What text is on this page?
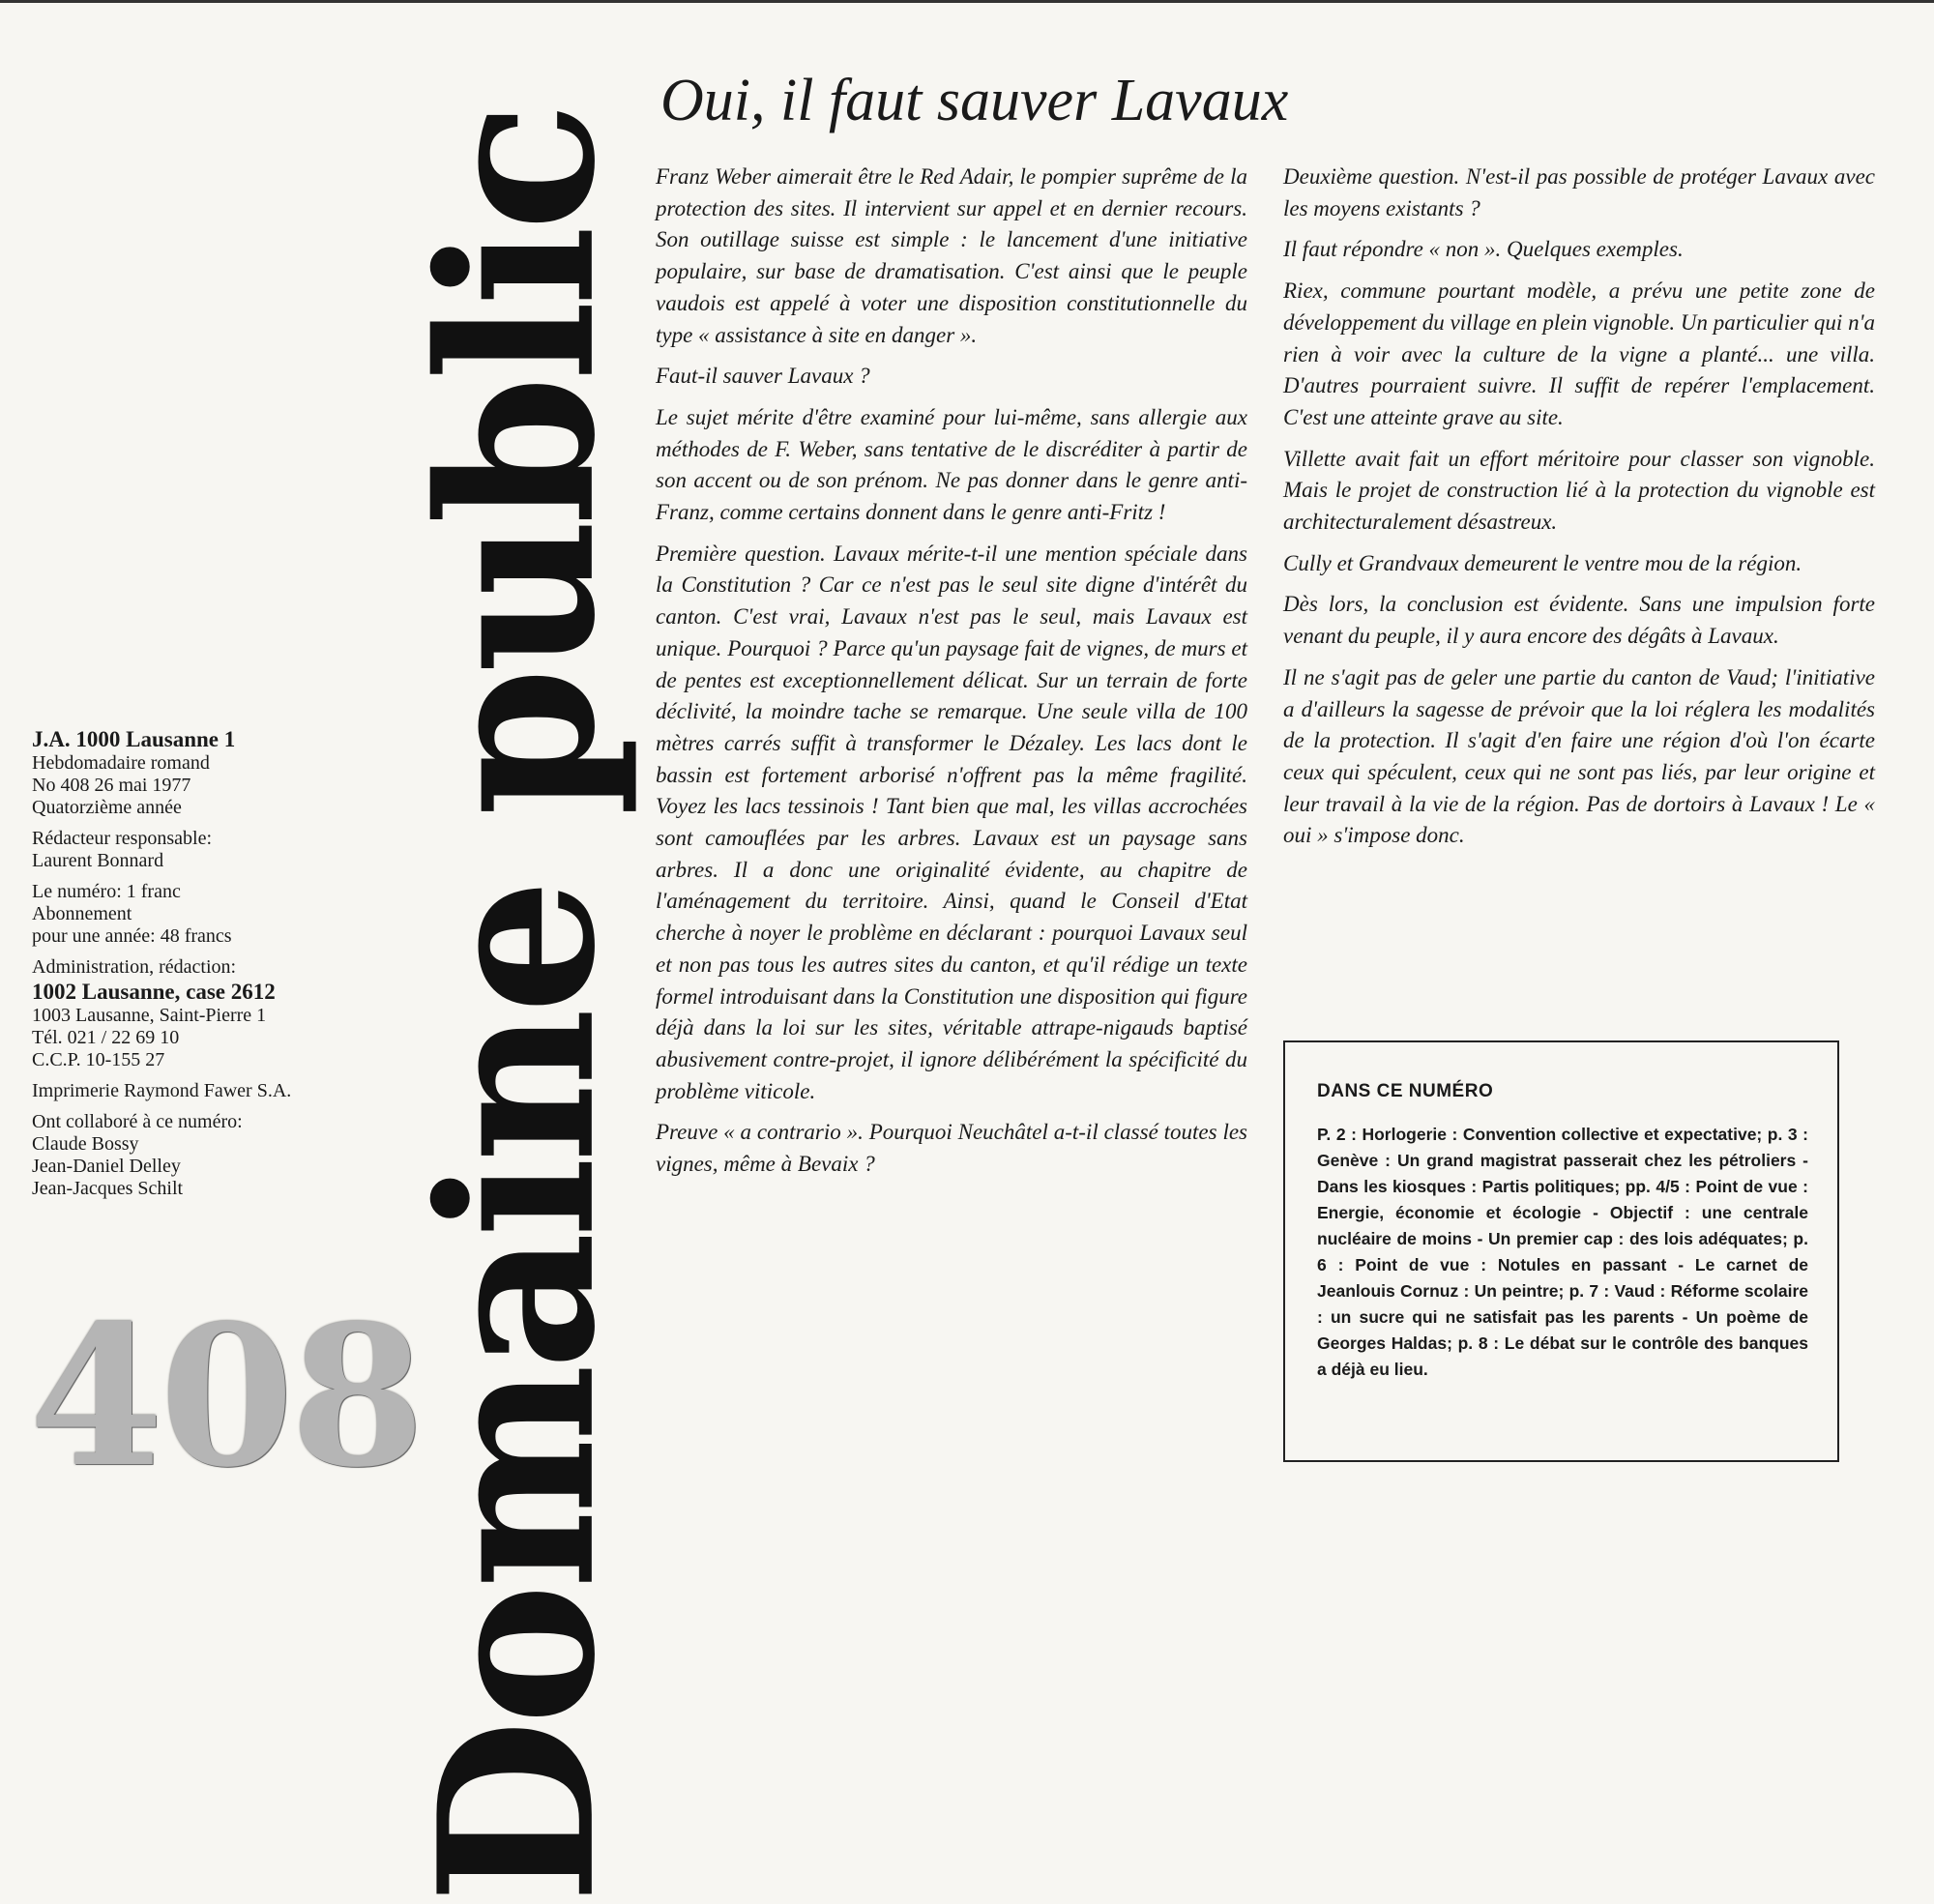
Domaine public

J.A. 1000 Lausanne 1
Hebdomadaire romand
No 408 26 mai 1977
Quatorzième année

Rédacteur responsable:
Laurent Bonnard

Le numéro: 1 franc
Abonnement
pour une année: 48 francs

Administration, rédaction:

1002 Lausanne, case 2612
1003 Lausanne, Saint-Pierre 1
Tél. 021 / 22 69 10
C.C.P. 10-155 27

Imprimerie Raymond Fawer S.A.

Ont collaboré à ce numéro:
Claude Bossy
Jean-Daniel Delley
Jean-Jacques Schilt

408
Oui, il faut sauver Lavaux

Franz Weber aimerait être le Red Adair, le pompier suprême de la protection des sites. Il intervient sur appel et en dernier recours. Son outillage suisse est simple : le lancement d'une initiative populaire, sur base de dramatisation. C'est ainsi que le peuple vaudois est appelé à voter une disposition constitutionnelle du type « assistance à site en danger ».

Faut-il sauver Lavaux ?

Le sujet mérite d'être examiné pour lui-même, sans allergie aux méthodes de F. Weber, sans tentative de le discréditer à partir de son accent ou de son prénom. Ne pas donner dans le genre anti-Franz, comme certains donnent dans le genre anti-Fritz !

Première question. Lavaux mérite-t-il une mention spéciale dans la Constitution ? Car ce n'est pas le seul site digne d'intérêt du canton. C'est vrai, Lavaux n'est pas le seul, mais Lavaux est unique. Pourquoi ? Parce qu'un paysage fait de vignes, de murs et de pentes est exceptionnellement délicat. Sur un terrain de forte déclivité, la moindre tache se remarque. Une seule villa de 100 mètres carrés suffit à transformer le Dézaley. Les lacs dont le bassin est fortement arborisé n'offrent pas la même fragilité. Voyez les lacs tessinois ! Tant bien que mal, les villas accrochées sont camouflées par les arbres. Lavaux est un paysage sans arbres. Il a donc une originalité évidente, au chapitre de l'aménagement du territoire. Ainsi, quand le Conseil d'Etat cherche à noyer le problème en déclarant : pourquoi Lavaux seul et non pas tous les autres sites du canton, et qu'il rédige un texte formel introduisant dans la Constitution une disposition qui figure déjà dans la loi sur les sites, véritable attrape-nigauds baptisé abusivement contre-projet, il ignore délibérément la spécificité du problème viticole.

Preuve « a contrario ». Pourquoi Neuchâtel a-t-il classé toutes les vignes, même à Bevaix ?

Deuxième question. N'est-il pas possible de protéger Lavaux avec les moyens existants ?

Il faut répondre « non ». Quelques exemples.

Riex, commune pourtant modèle, a prévu une petite zone de développement du village en plein vignoble. Un particulier qui n'a rien à voir avec la culture de la vigne a planté... une villa. D'autres pourraient suivre. Il suffit de repérer l'emplacement. C'est une atteinte grave au site.

Villette avait fait un effort méritoire pour classer son vignoble. Mais le projet de construction lié à la protection du vignoble est architecturalement désastreux.

Cully et Grandvaux demeurent le ventre mou de la région.

Dès lors, la conclusion est évidente. Sans une impulsion forte venant du peuple, il y aura encore des dégâts à Lavaux.

Il ne s'agit pas de geler une partie du canton de Vaud; l'initiative a d'ailleurs la sagesse de prévoir que la loi réglera les modalités de la protection. Il s'agit d'en faire une région d'où l'on écarte ceux qui spéculent, ceux qui ne sont pas liés, par leur origine et leur travail à la vie de la région. Pas de dortoirs à Lavaux ! Le « oui » s'impose donc.

DANS CE NUMÉRO

P. 2 : Horlogerie : Convention collective et expectative; p. 3 : Genève : Un grand magistrat passerait chez les pétroliers - Dans les kiosques : Partis politiques; pp. 4/5 : Point de vue : Energie, économie et écologie - Objectif : une centrale nucléaire de moins - Un premier cap : des lois adéquates; p. 6 : Point de vue : Notules en passant - Le carnet de Jeanlouis Cornuz : Un peintre; p. 7 : Vaud : Réforme scolaire : un sucre qui ne satisfait pas les parents - Un poème de Georges Haldas; p. 8 : Le débat sur le contrôle des banques a déjà eu lieu.
